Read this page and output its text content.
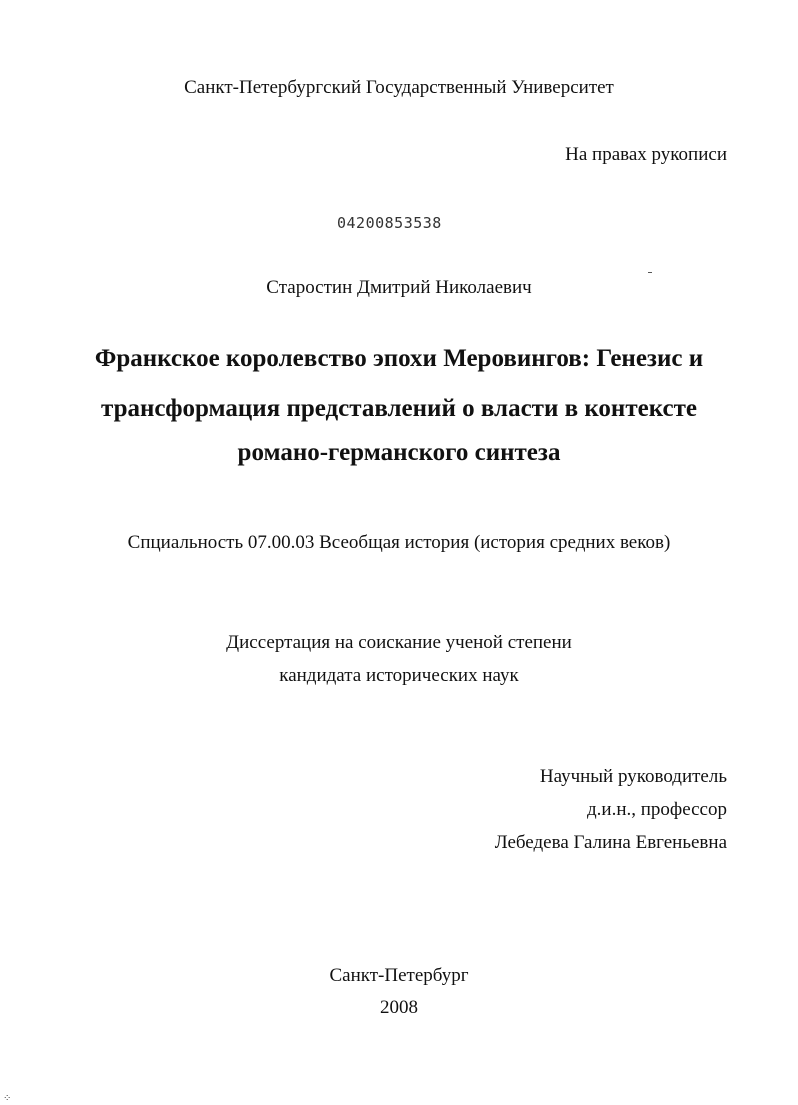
Санкт-Петербургский Государственный Университет
На правах рукописи
04200853538
Старостин Дмитрий Николаевич
Франкское королевство эпохи Меровингов: Генезис и
трансформация представлений о власти в контексте
романо-германского синтеза
Спциальность 07.00.03 Всеобщая история (история средних веков)
Диссертация на соискание ученой степени
кандидата исторических наук
Научный руководитель
д.и.н., профессор
Лебедева Галина Евгеньевна
Санкт-Петербург
2008
⁘
